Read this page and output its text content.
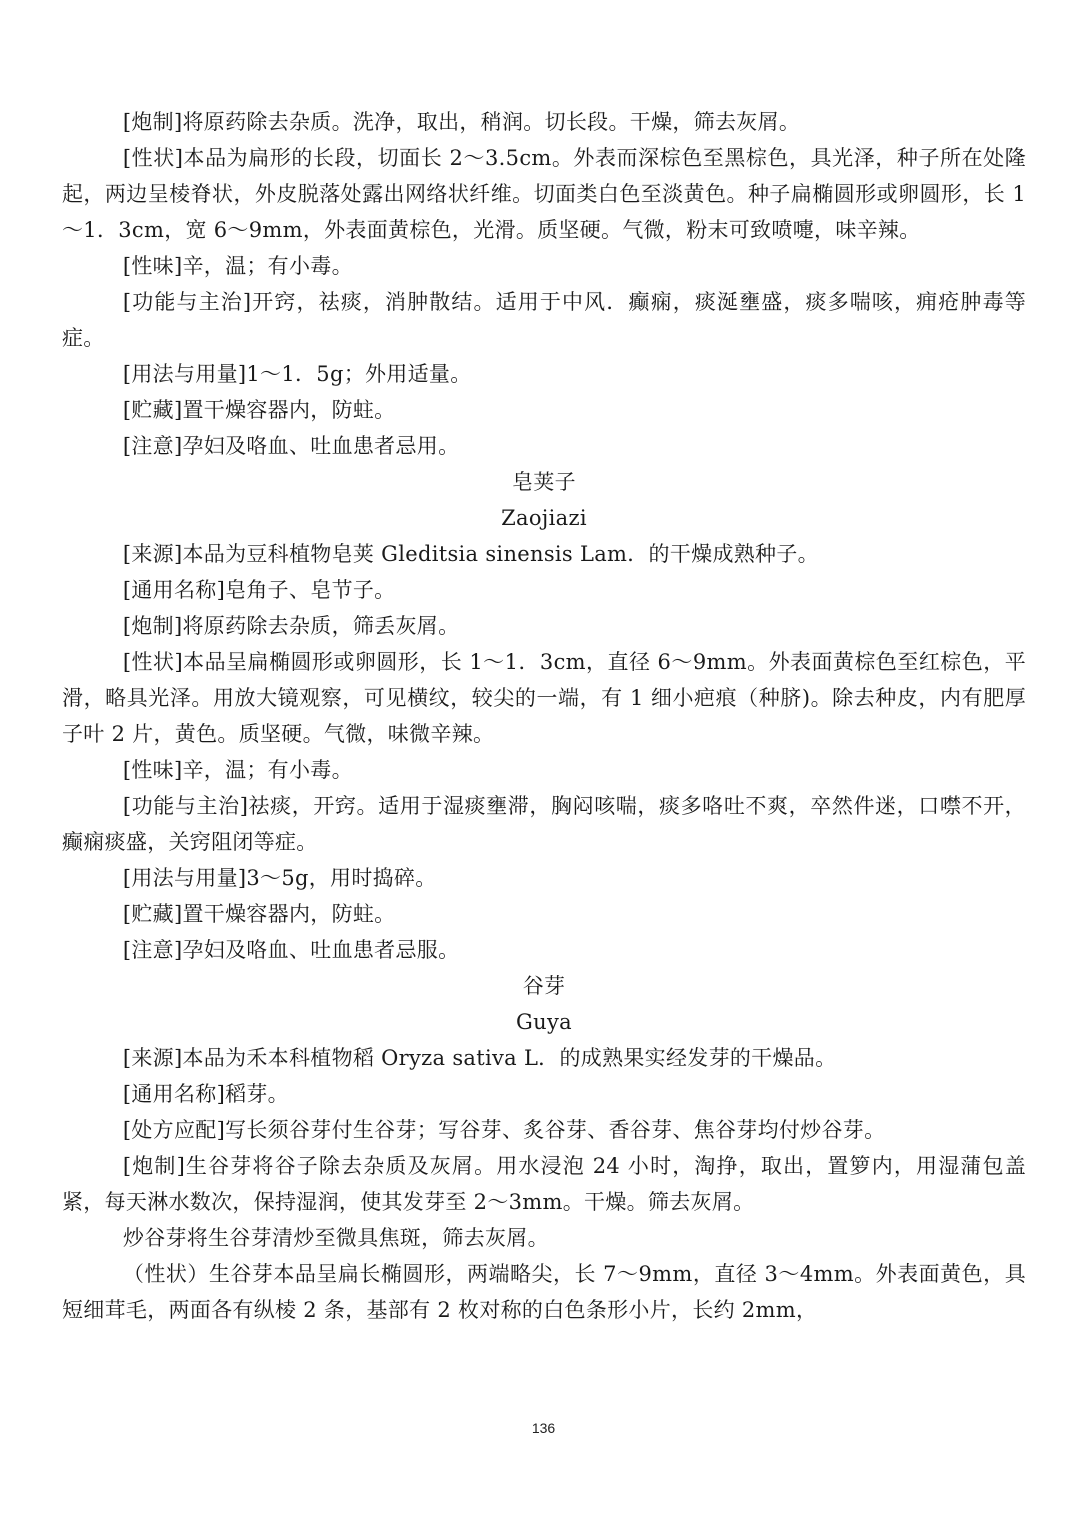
[炮制]将原药除去杂质。洗净，取出，稍润。切长段。干燥，筛去灰屑。

[性状]本品为扁形的长段，切面长 2～3.5cm。外表而深棕色至黑棕色，具光泽，种子所在处隆起，两边呈棱脊状，外皮脱落处露出网络状纤维。切面类白色至淡黄色。种子扁椭圆形或卵圆形，长 1～1．3cm，宽 6～9mm，外表面黄棕色，光滑。质坚硬。气微，粉末可致喷嚏，味辛辣。

[性味]辛，温；有小毒。

[功能与主治]开窍，祛痰，消肿散结。适用于中风．癫痫，痰涎壅盛，痰多喘咳，痈疮肿毒等症。

[用法与用量]1～1．5g；外用适量。

[贮藏]置干燥容器内，防蛀。

[注意]孕妇及咯血、吐血患者忌用。

皂荚子

Zaojiazi

[来源]本品为豆科植物皂荚 Gleditsia sinensis Lam．的干燥成熟种子。

[通用名称]皂角子、皂节子。

[炮制]将原药除去杂质，筛丢灰屑。

[性状]本品呈扁椭圆形或卵圆形，长 1～1．3cm，直径 6～9mm。外表面黄棕色至红棕色，平滑，略具光泽。用放大镜观察，可见横纹，较尖的一端，有 1 细小疤痕（种脐)。除去种皮，内有肥厚子叶 2 片，黄色。质坚硬。气微，味微辛辣。

[性味]辛，温；有小毒。

[功能与主治]祛痰，开窍。适用于湿痰壅滞，胸闷咳喘，痰多咯吐不爽，卒然件迷，口噤不开，癫痫痰盛，关窍阻闭等症。

[用法与用量]3～5g，用时捣碎。

[贮藏]置干燥容器内，防蛀。

[注意]孕妇及咯血、吐血患者忌服。

谷芽

Guya

[来源]本品为禾本科植物稻 Oryza sativa L．的成熟果实经发芽的干燥品。

[通用名称]稻芽。

[处方应配]写长须谷芽付生谷芽；写谷芽、炙谷芽、香谷芽、焦谷芽均付炒谷芽。

[炮制]生谷芽将谷子除去杂质及灰屑。用水浸泡 24 小时，淘挣，取出，置箩内，用湿蒲包盖紧，每天淋水数次，保持湿润，使其发芽至 2～3mm。干燥。筛去灰屑。

炒谷芽将生谷芽清炒至微具焦斑，筛去灰屑。

（性状）生谷芽本品呈扁长椭圆形，两端略尖，长 7～9mm，直径 3～4mm。外表面黄色，具短细茸毛，两面各有纵棱 2 条，基部有 2 枚对称的白色条形小片，长约 2mm，

136
